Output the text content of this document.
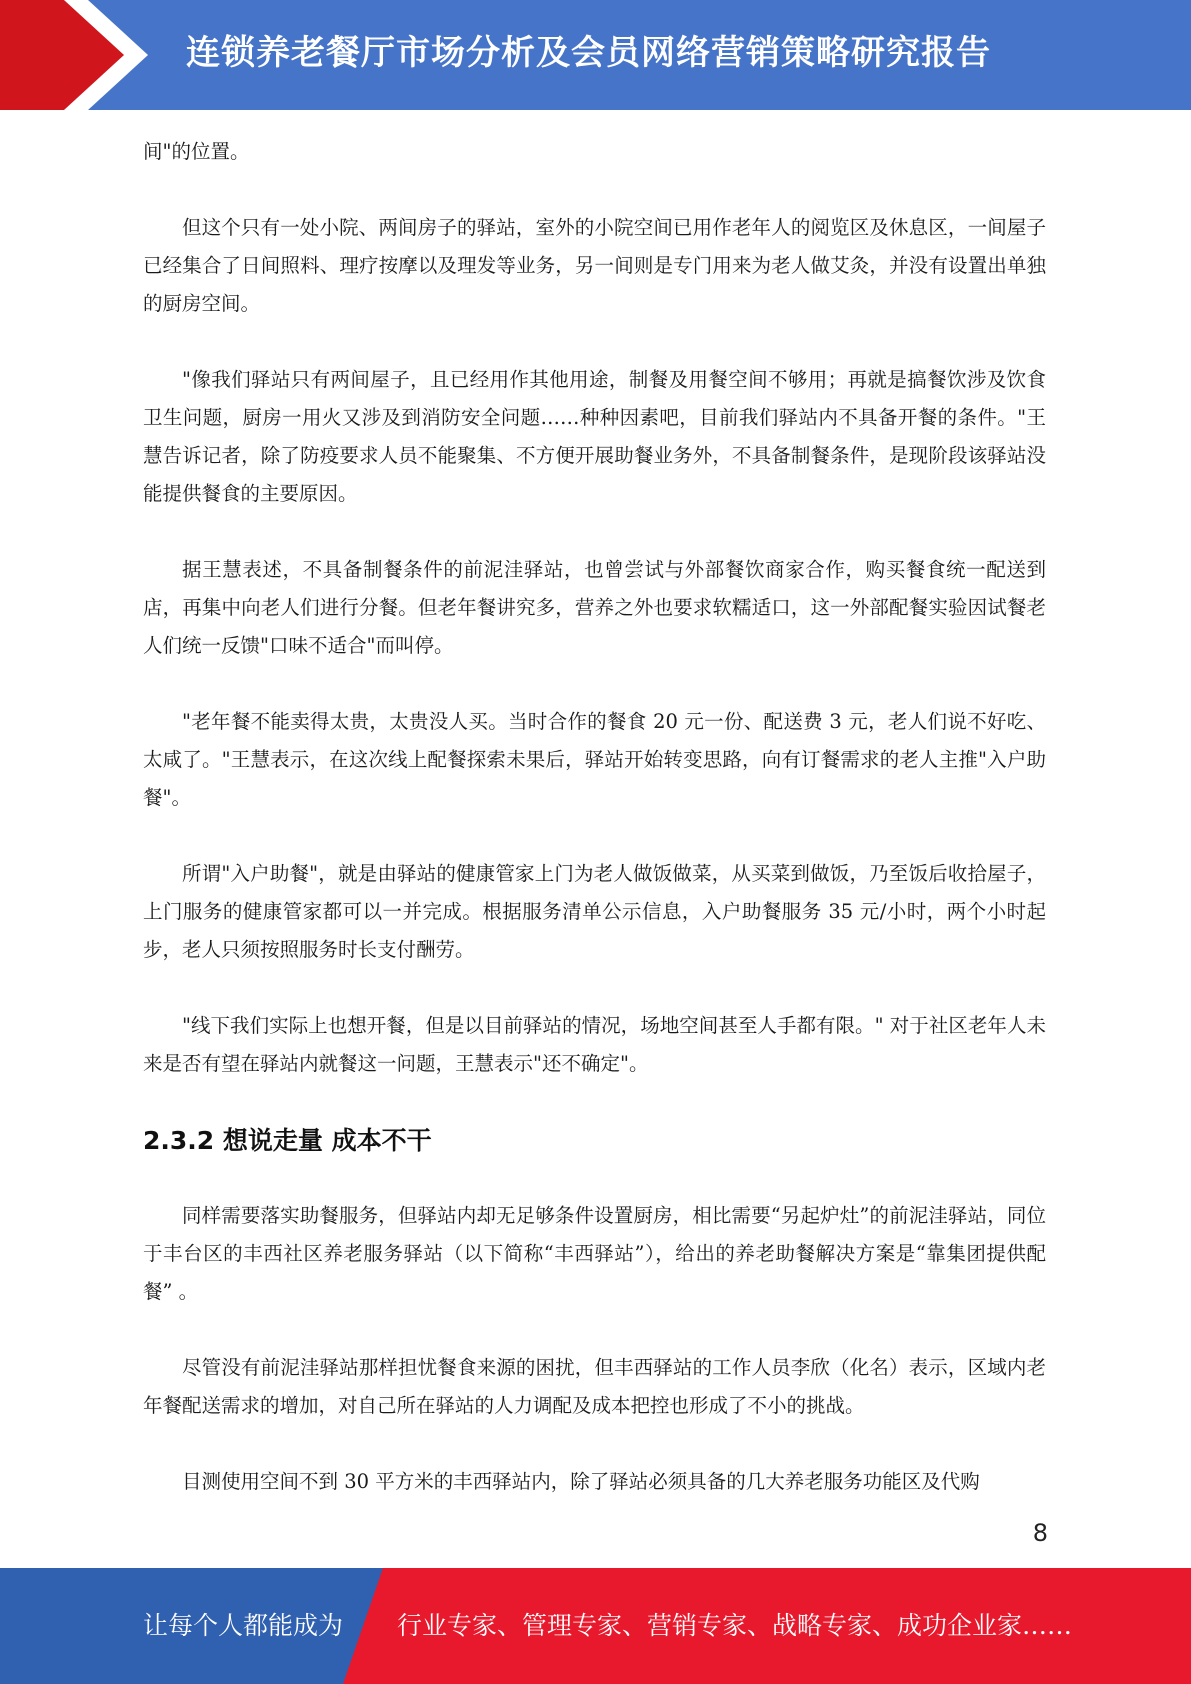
连锁养老餐厅市场分析及会员网络营销策略研究报告

间"的位置。

但这个只有一处小院、两间房子的驿站，室外的小院空间已用作老年人的阅览区及休息区，一间屋子已经集合了日间照料、理疗按摩以及理发等业务，另一间则是专门用来为老人做艾灸，并没有设置出单独的厨房空间。

"像我们驿站只有两间屋子，且已经用作其他用途，制餐及用餐空间不够用；再就是搞餐饮涉及饮食卫生问题，厨房一用火又涉及到消防安全问题……种种因素吧，目前我们驿站内不具备开餐的条件。"王慧告诉记者，除了防疫要求人员不能聚集、不方便开展助餐业务外，不具备制餐条件，是现阶段该驿站没能提供餐食的主要原因。

据王慧表述，不具备制餐条件的前泥洼驿站，也曾尝试与外部餐饮商家合作，购买餐食统一配送到店，再集中向老人们进行分餐。但老年餐讲究多，营养之外也要求软糯适口，这一外部配餐实验因试餐老人们统一反馈"口味不适合"而叫停。

"老年餐不能卖得太贵，太贵没人买。当时合作的餐食 20 元一份、配送费 3 元，老人们说不好吃、太咸了。"王慧表示，在这次线上配餐探索未果后，驿站开始转变思路，向有订餐需求的老人主推"入户助餐"。

所谓"入户助餐"，就是由驿站的健康管家上门为老人做饭做菜，从买菜到做饭，乃至饭后收拾屋子，上门服务的健康管家都可以一并完成。根据服务清单公示信息，入户助餐服务 35 元/小时，两个小时起步，老人只须按照服务时长支付酬劳。

"线下我们实际上也想开餐，但是以目前驿站的情况，场地空间甚至人手都有限。" 对于社区老年人未来是否有望在驿站内就餐这一问题，王慧表示"还不确定"。

2.3.2 想说走量 成本不干

同样需要落实助餐服务，但驿站内却无足够条件设置厨房，相比需要“另起炉灶”的前泥洼驿站，同位于丰台区的丰西社区养老服务驿站（以下简称“丰西驿站”），给出的养老助餐解决方案是“靠集团提供配餐” 。

尽管没有前泥洼驿站那样担忧餐食来源的困扰，但丰西驿站的工作人员李欣（化名）表示，区域内老年餐配送需求的增加，对自己所在驿站的人力调配及成本把控也形成了不小的挑战。

目测使用空间不到 30 平方米的丰西驿站内，除了驿站必须具备的几大养老服务功能区及代购

8
让每个人都能成为 行业专家、管理专家、营销专家、战略专家、成功企业家……
